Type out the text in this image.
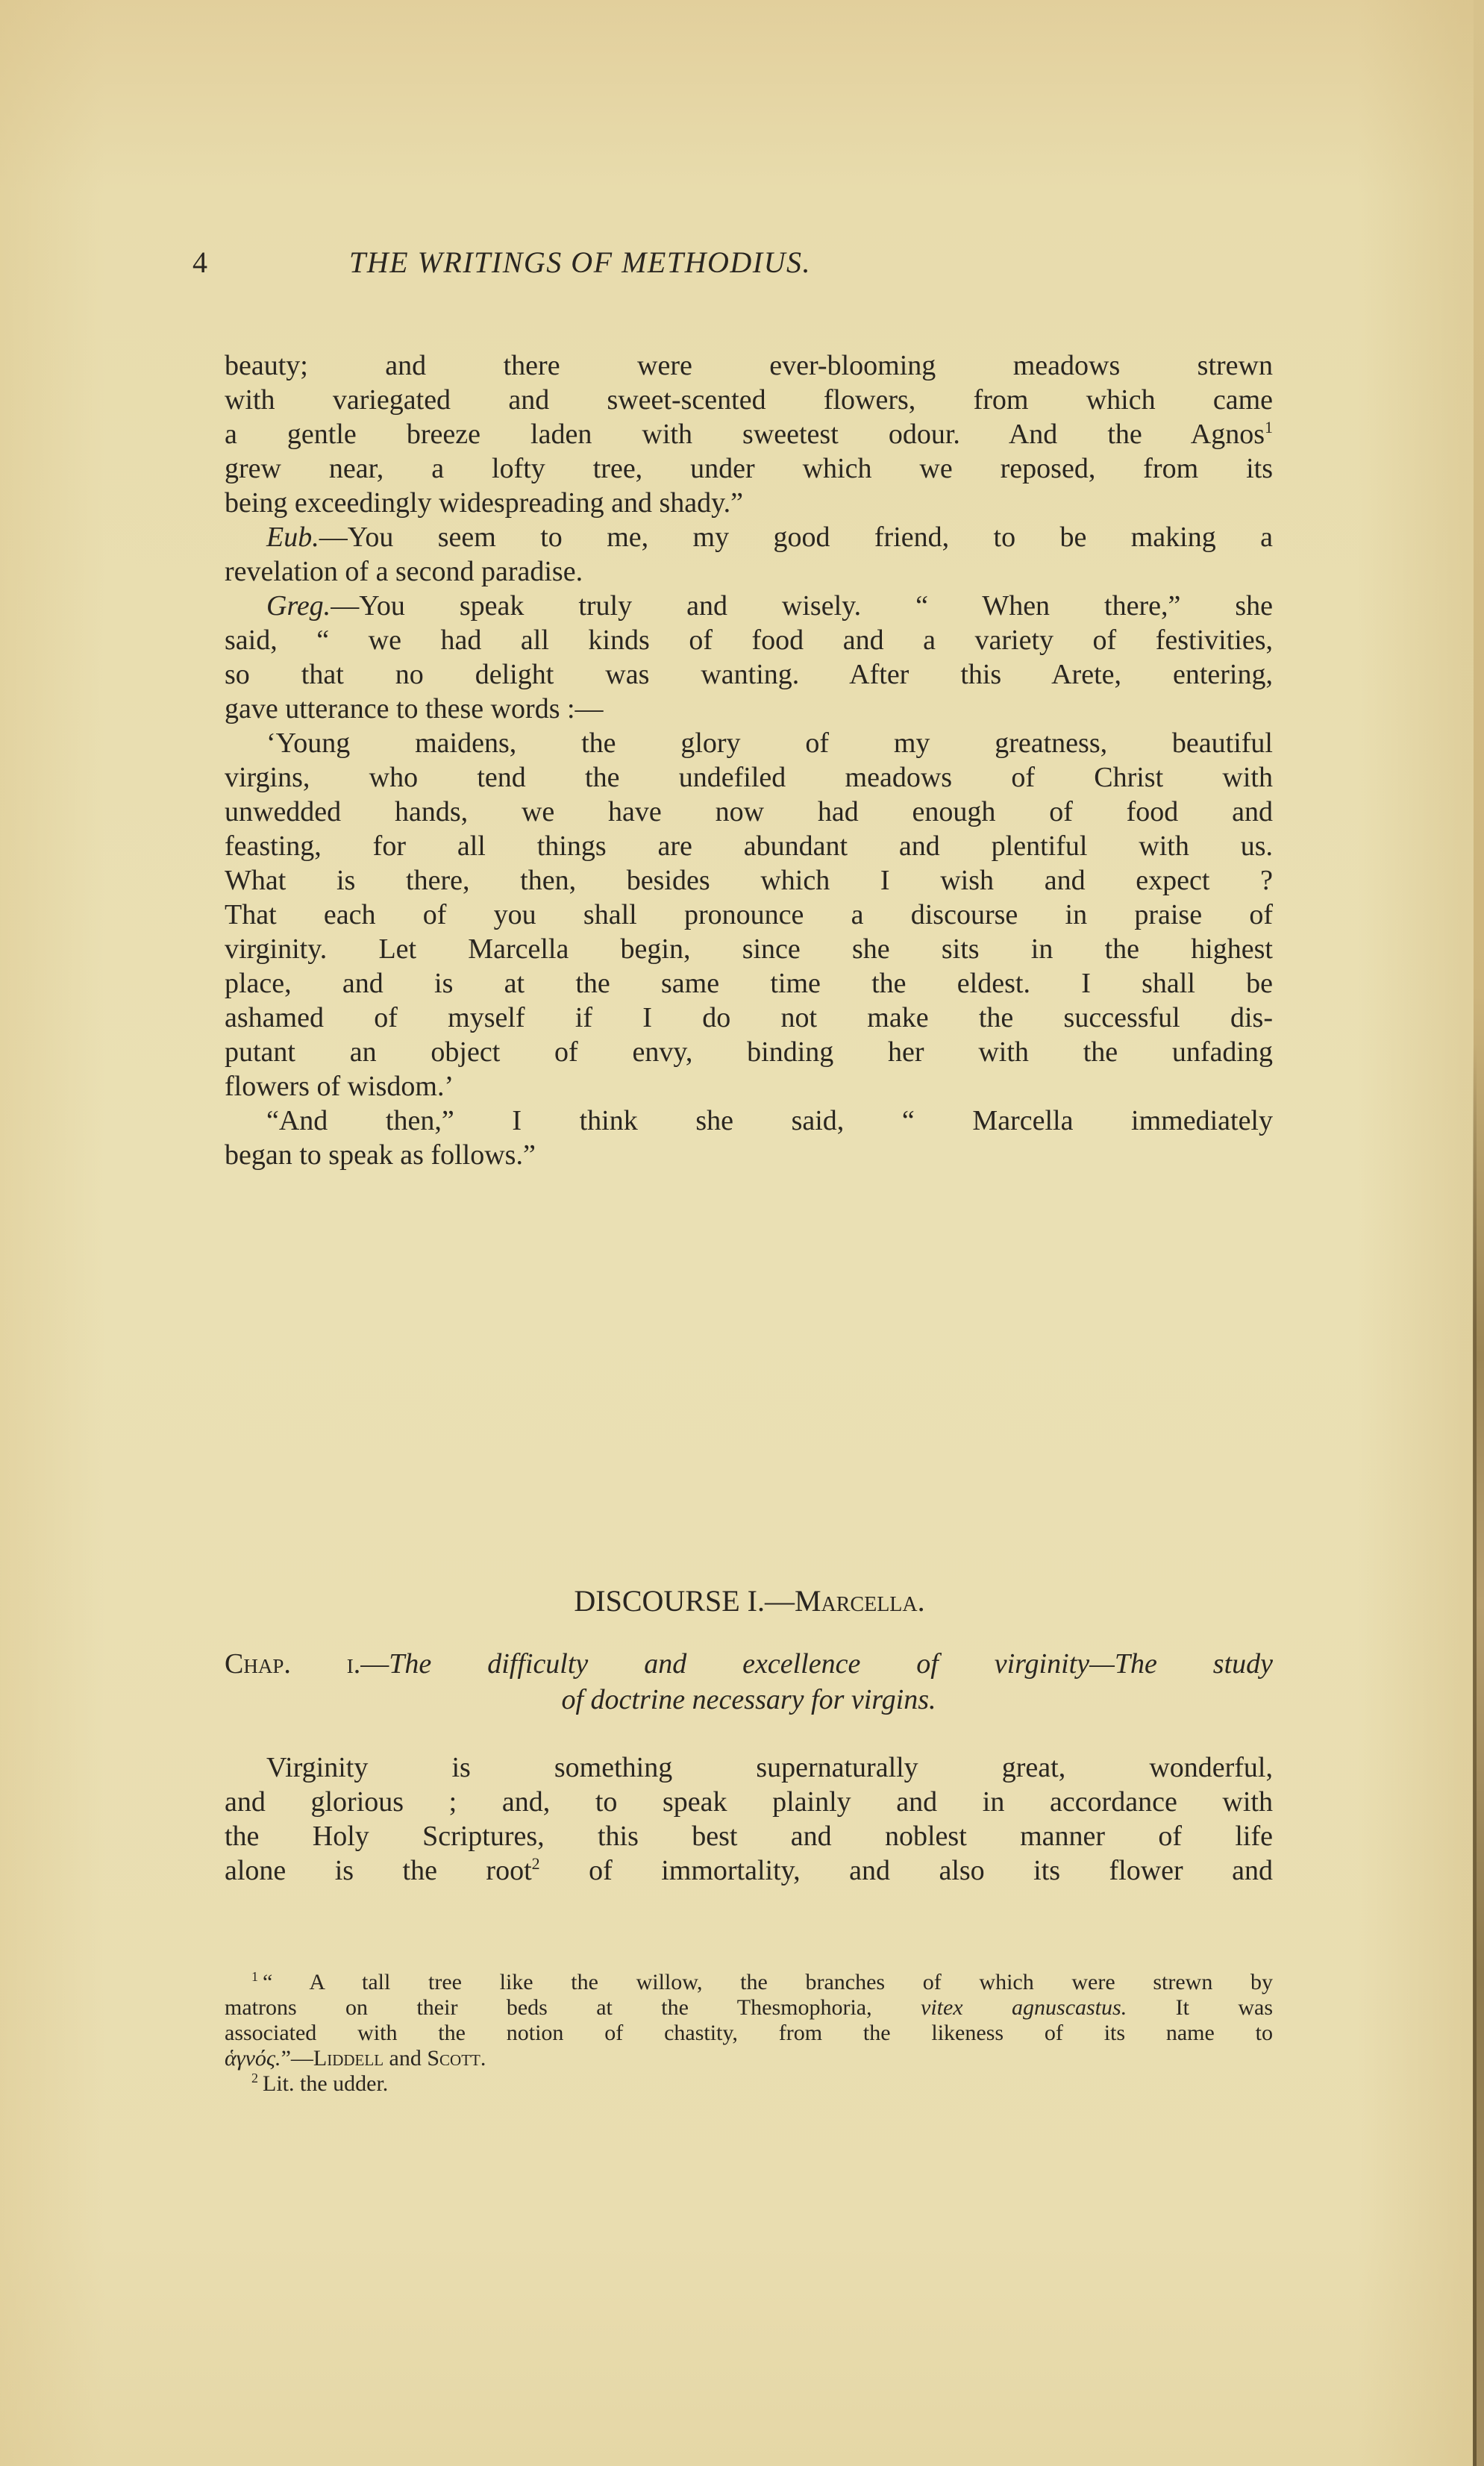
4	THE WRITINGS OF METHODIUS.
beauty; and there were ever-blooming meadows strewn
with variegated and sweet-scented flowers, from which came
a gentle breeze laden with sweetest odour. And the Agnos$^1$
grew near, a lofty tree, under which we reposed, from its
being exceedingly widespreading and shady.”
Eub.—You seem to me, my good friend, to be making a
revelation of a second paradise.
Greg.—You speak truly and wisely. “ When there,” she
said, “ we had all kinds of food and a variety of festivities,
so that no delight was wanting. After this Arete, entering,
gave utterance to these words :—
‘Young maidens, the glory of my greatness, beautiful
virgins, who tend the undefiled meadows of Christ with
unwedded hands, we have now had enough of food and
feasting, for all things are abundant and plentiful with us.
What is there, then, besides which I wish and expect ?
That each of you shall pronounce a discourse in praise of
virginity. Let Marcella begin, since she sits in the highest
place, and is at the same time the eldest. I shall be
ashamed of myself if I do not make the successful dis-
putant an object of envy, binding her with the unfading
flowers of wisdom.’
“And then,” I think she said, “ Marcella immediately
began to speak as follows.”
DISCOURSE I.—Marcella.
Chap. i.—The difficulty and excellence of virginity—The study
of doctrine necessary for virgins.
Virginity is something supernaturally great, wonderful,
and glorious ; and, to speak plainly and in accordance with
the Holy Scriptures, this best and noblest manner of life
alone is the root$^2$ of immortality, and also its flower and
$^1$ “ A tall tree like the willow, the branches of which were strewn by
matrons on their beds at the Thesmophoria, vitex agnuscastus. It was
associated with the notion of chastity, from the likeness of its name to
ἁγνός.”—Liddell and Scott.
$^2$ Lit. the udder.
